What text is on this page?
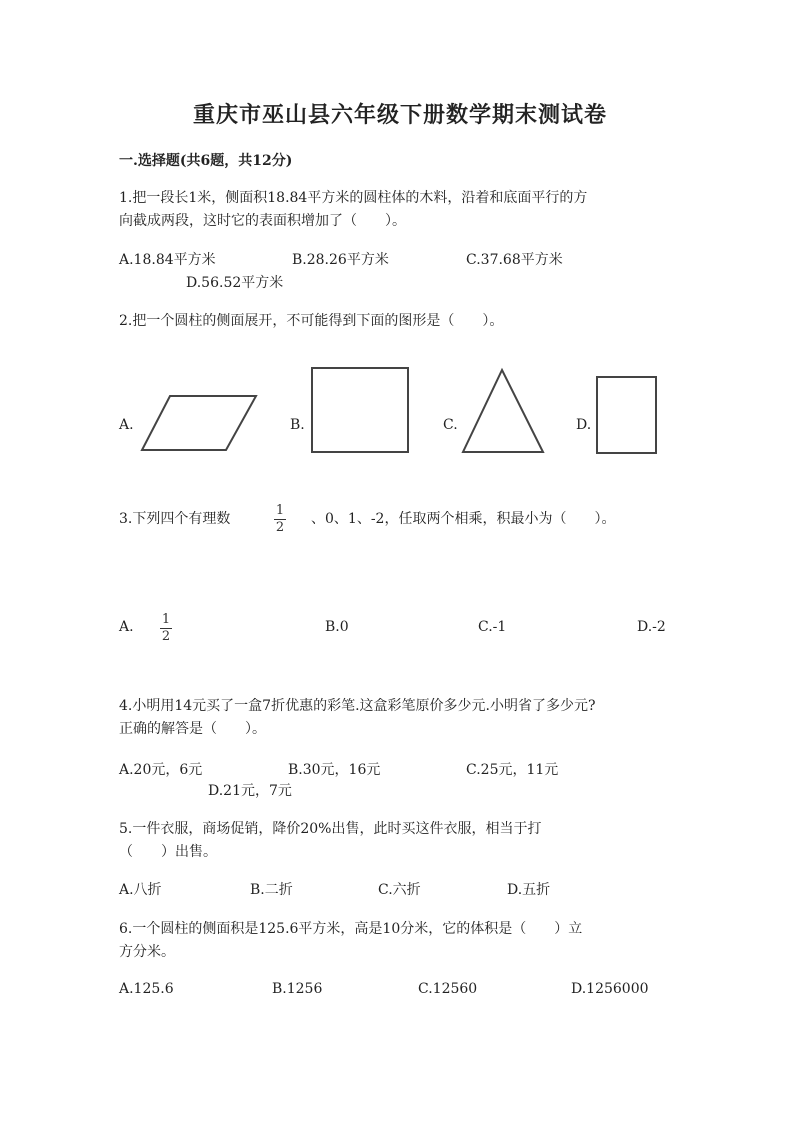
重庆市巫山县六年级下册数学期末测试卷
一.选择题(共6题，共12分)
1.把一段长1米，侧面积18.84平方米的圆柱体的木料，沿着和底面平行的方
向截成两段，这时它的表面积增加了（　　）。
A.18.84平方米	B.28.26平方米	C.37.68平方米
D.56.52平方米
2.把一个圆柱的侧面展开，不可能得到下面的图形是（　　）。
A.	B.	C.	D.
3.下列四个有理数
1
2
、0、1、-2，任取两个相乘，积最小为（　　）。
A. 1
2
B.0	C.-1	D.-2
4.小明用14元买了一盒7折优惠的彩笔.这盒彩笔原价多少元.小明省了多少元?
正确的解答是（　　）。
A.20元，6元	B.30元，16元	C.25元，11元
D.21元，7元
5.一件衣服，商场促销，降价20%出售，此时买这件衣服，相当于打
（　　）出售。
A.八折	B.二折	C.六折	D.五折
6.一个圆柱的侧面积是125.6平方米，高是10分米，它的体积是（　　）立
方分米。
A.125.6	B.1256	C.12560	D.1256000
